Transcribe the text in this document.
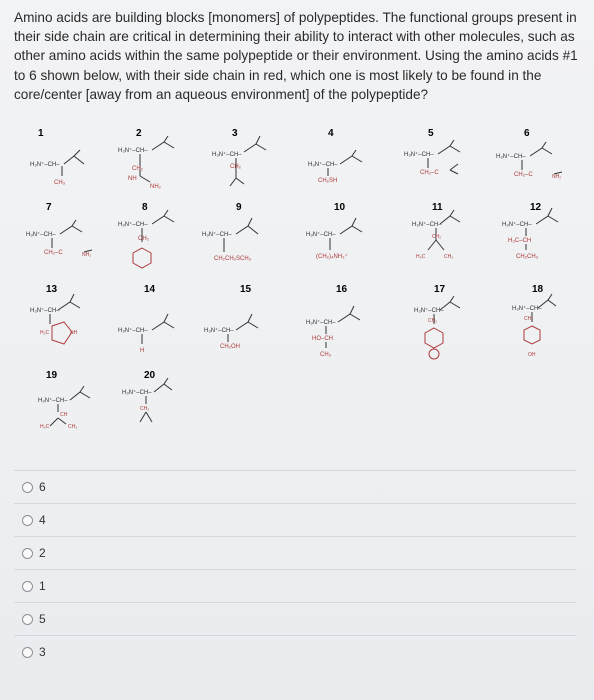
Amino acids are building blocks [monomers] of polypeptides. The functional groups present in their side chain are critical in determining their ability to interact with other molecules, such as other amino acids within the same polypeptide or their environment. Using the amino acids #1 to 6 shown below, with their side chain in red, which one is most likely to be found in the core/center [away from an aqueous environment] of the polypeptide?
1	2	3	4	5	6
7	8	9	10	11	12
13	14	15	16	17	18
19	20
H₃N⁺–CH–
CH₃
H₃N⁺–CH–
CH₂
NH
NH₂
H₃N⁺–CH–
CH₂	H₃N⁺–CH–
CH₂SH
H₃N⁺–CH–
CH₂–C
H₃N⁺–CH–
CH₂–C	NH₂
H₃N⁺–CH–
CH₂–C	NH₂
H₃N⁺–CH–
CH₂
H₃N⁺–CH–
CH₂CH₂SCH₃
H₃N⁺–CH–
(CH₂)₄NH₃⁺
H₃N⁺–CH–
CH₂
H₃C	CH₃
H₃N⁺–CH–
H₃C–CH
CH₂CH₃
H₃N⁺–CH–
H₂C	NH	H₃N⁺–CH–
H
H₃N⁺–CH–
CH₂OH
H₃N⁺–CH–
HO–CH
CH₃
H₃N⁺–CH–
CH₂
H₃N⁺–CH–
CH₂
OH
H₃N⁺–CH–
CH
H₃C	CH₃
H₃N⁺–CH–
CH₂
6
4
2
1
5
3
